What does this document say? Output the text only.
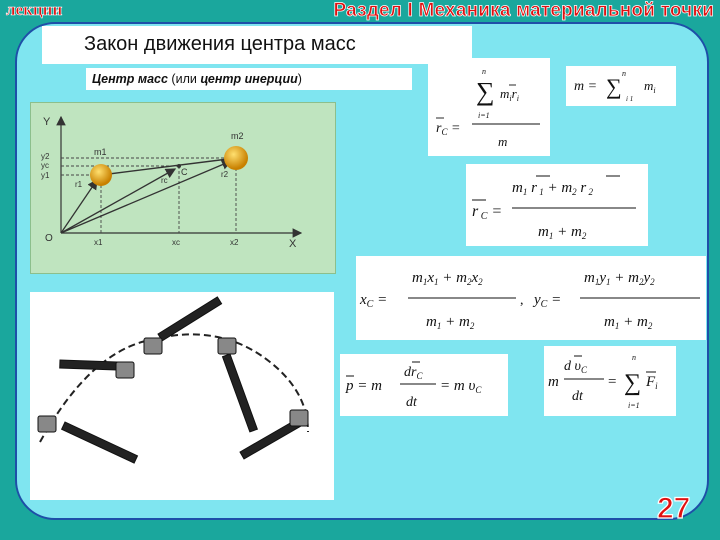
лекции	Раздел I Механика материальной точки
Закон движения центра масс
Центр масс (или центр инерции)
Y
X
O
m1
m2
C
y2
yc
y1
x1	xc	x2
r1	rc
r2
n
∑ $m_ir_i$
i=1
$r_C$ =
m
m = ∑
n
i 1
$m_i$
$m_1$ r $_1 + m_2$ r $_2$
r C =
$m_1 + m_2$
$m_1x_1 + m_2x_2$
$x_C$ =	,
$m_1 + m_2$
$m_1y_1 + m_2y_2$
$y_C$ =
$m_1 + m_2$
p = m
$dr_C$
dt
= m $\upsilon_C$	m
d $\upsilon_C$
dt
= ∑
n
i=1
$F_i$
27
